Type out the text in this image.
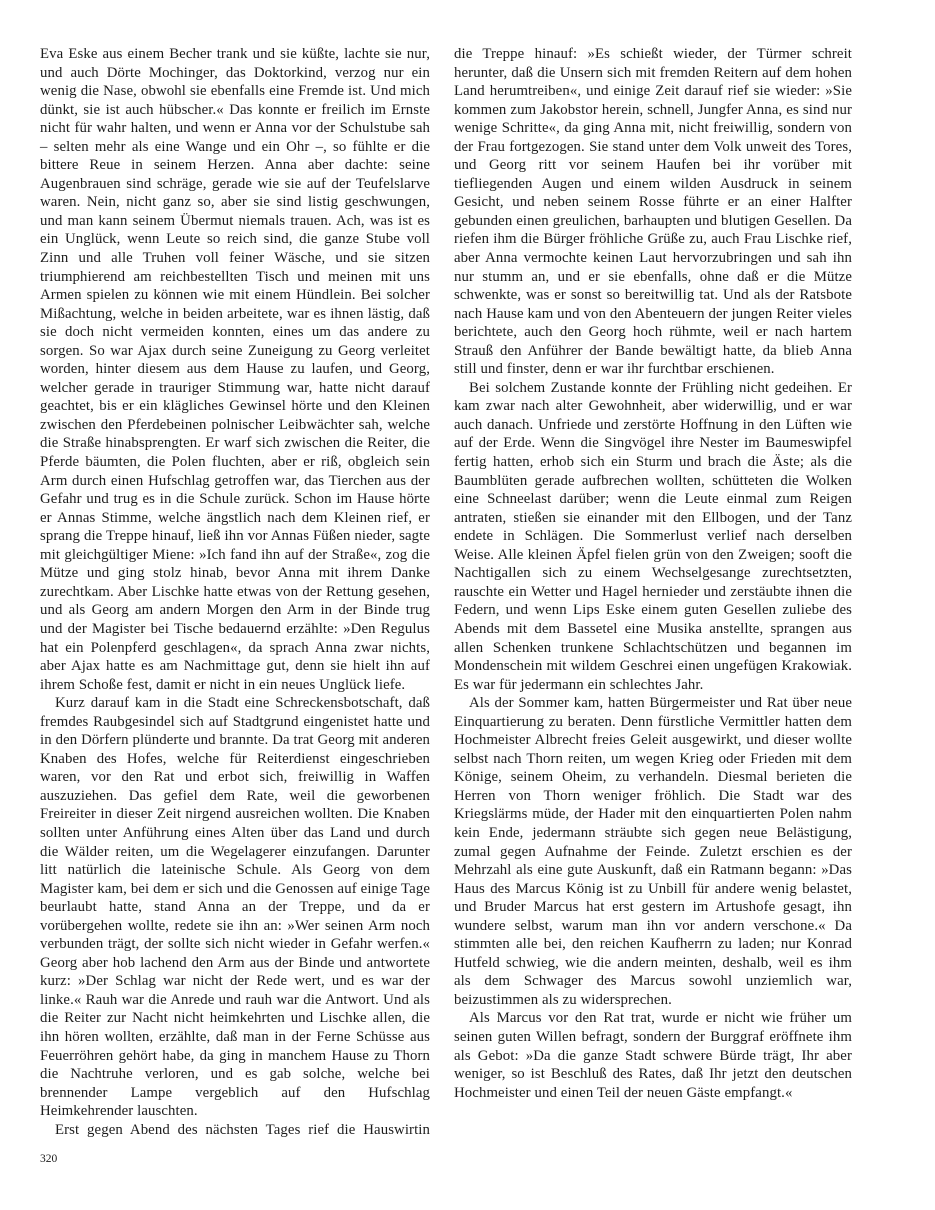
Eva Eske aus einem Becher trank und sie küßte, lachte sie nur, und auch Dörte Mochinger, das Doktorkind, verzog nur ein wenig die Nase, obwohl sie ebenfalls eine Fremde ist. Und mich dünkt, sie ist auch hübscher.« Das konnte er freilich im Ernste nicht für wahr halten, und wenn er Anna vor der Schulstube sah – selten mehr als eine Wange und ein Ohr –, so fühlte er die bittere Reue in seinem Herzen. Anna aber dachte: seine Augenbrauen sind schräge, gerade wie sie auf der Teufelslarve waren. Nein, nicht ganz so, aber sie sind listig geschwungen, und man kann seinem Übermut niemals trauen. Ach, was ist es ein Unglück, wenn Leute so reich sind, die ganze Stube voll Zinn und alle Truhen voll feiner Wäsche, und sie sitzen triumphierend am reichbestellten Tisch und meinen mit uns Armen spielen zu können wie mit einem Hündlein. Bei solcher Mißachtung, welche in beiden arbeitete, war es ihnen lästig, daß sie doch nicht vermeiden konnten, eines um das andere zu sorgen. So war Ajax durch seine Zuneigung zu Georg verleitet worden, hinter diesem aus dem Hause zu laufen, und Georg, welcher gerade in trauriger Stimmung war, hatte nicht darauf geachtet, bis er ein klägliches Gewinsel hörte und den Kleinen zwischen den Pferdebeinen polnischer Leibwächter sah, welche die Straße hinabsprengten. Er warf sich zwischen die Reiter, die Pferde bäumten, die Polen fluchten, aber er riß, obgleich sein Arm durch einen Hufschlag getroffen war, das Tierchen aus der Gefahr und trug es in die Schule zurück. Schon im Hause hörte er Annas Stimme, welche ängstlich nach dem Kleinen rief, er sprang die Treppe hinauf, ließ ihn vor Annas Füßen nieder, sagte mit gleichgültiger Miene: »Ich fand ihn auf der Straße«, zog die Mütze und ging stolz hinab, bevor Anna mit ihrem Danke zurechtkam. Aber Lischke hatte etwas von der Rettung gesehen, und als Georg am andern Morgen den Arm in der Binde trug und der Magister bei Tische bedauernd erzählte: »Den Regulus hat ein Polenpferd geschlagen«, da sprach Anna zwar nichts, aber Ajax hatte es am Nachmittage gut, denn sie hielt ihn auf ihrem Schoße fest, damit er nicht in ein neues Unglück liefe.

Kurz darauf kam in die Stadt eine Schreckensbotschaft, daß fremdes Raubgesindel sich auf Stadtgrund eingenistet hatte und in den Dörfern plünderte und brannte. Da trat Georg mit anderen Knaben des Hofes, welche für Reiterdienst eingeschrieben waren, vor den Rat und erbot sich, freiwillig in Waffen auszuziehen. Das gefiel dem Rate, weil die geworbenen Freireiter in dieser Zeit nirgend ausreichen wollten. Die Knaben sollten unter Anführung eines Alten über das Land und durch die Wälder reiten, um die Wegelagerer einzufangen. Darunter litt natürlich die lateinische Schule. Als Georg von dem Magister kam, bei dem er sich und die Genossen auf einige Tage beurlaubt hatte, stand Anna an der Treppe, und da er vorübergehen wollte, redete sie ihn an: »Wer seinen Arm noch verbunden trägt, der sollte sich nicht wieder in Gefahr werfen.« Georg aber hob lachend den Arm aus der Binde und antwortete kurz: »Der Schlag war nicht der Rede wert, und es war der linke.« Rauh war die Anrede und rauh war die Antwort. Und als die Reiter zur Nacht nicht heimkehrten und Lischke allen, die ihn hören wollten, erzählte, daß man in der Ferne Schüsse aus Feuerröhren gehört habe, da ging in manchem Hause zu Thorn die Nachtruhe verloren, und es gab solche, welche bei brennender Lampe vergeblich auf den Hufschlag Heimkehrender lauschten.

Erst gegen Abend des nächsten Tages rief die Hauswirtin

die Treppe hinauf: »Es schießt wieder, der Türmer schreit herunter, daß die Unsern sich mit fremden Reitern auf dem hohen Land herumtreiben«, und einige Zeit darauf rief sie wieder: »Sie kommen zum Jakobstor herein, schnell, Jungfer Anna, es sind nur wenige Schritte«, da ging Anna mit, nicht freiwillig, sondern von der Frau fortgezogen. Sie stand unter dem Volk unweit des Tores, und Georg ritt vor seinem Haufen bei ihr vorüber mit tiefliegenden Augen und einem wilden Ausdruck in seinem Gesicht, und neben seinem Rosse führte er an einer Halfter gebunden einen greulichen, barhaupten und blutigen Gesellen. Da riefen ihm die Bürger fröhliche Grüße zu, auch Frau Lischke rief, aber Anna vermochte keinen Laut hervorzubringen und sah ihn nur stumm an, und er sie ebenfalls, ohne daß er die Mütze schwenkte, was er sonst so bereitwillig tat. Und als der Ratsbote nach Hause kam und von den Abenteuern der jungen Reiter vieles berichtete, auch den Georg hoch rühmte, weil er nach hartem Strauß den Anführer der Bande bewältigt hatte, da blieb Anna still und finster, denn er war ihr furchtbar erschienen.

Bei solchem Zustande konnte der Frühling nicht gedeihen. Er kam zwar nach alter Gewohnheit, aber widerwillig, und er war auch danach. Unfriede und zerstörte Hoffnung in den Lüften wie auf der Erde. Wenn die Singvögel ihre Nester im Baumeswipfel fertig hatten, erhob sich ein Sturm und brach die Äste; als die Baumblüten gerade aufbrechen wollten, schütteten die Wolken eine Schneelast darüber; wenn die Leute einmal zum Reigen antraten, stießen sie einander mit den Ellbogen, und der Tanz endete in Schlägen. Die Sommerlust verlief nach derselben Weise. Alle kleinen Äpfel fielen grün von den Zweigen; sooft die Nachtigallen sich zu einem Wechselgesange zurechtsetzten, rauschte ein Wetter und Hagel hernieder und zerstäubte ihnen die Federn, und wenn Lips Eske einem guten Gesellen zuliebe des Abends mit dem Bassetel eine Musika anstellte, sprangen aus allen Schenken trunkene Schlachtschützen und begannen im Mondenschein mit wildem Geschrei einen ungefügen Krakowiak. Es war für jedermann ein schlechtes Jahr.

Als der Sommer kam, hatten Bürgermeister und Rat über neue Einquartierung zu beraten. Denn fürstliche Vermittler hatten dem Hochmeister Albrecht freies Geleit ausgewirkt, und dieser wollte selbst nach Thorn reiten, um wegen Krieg oder Frieden mit dem Könige, seinem Oheim, zu verhandeln. Diesmal berieten die Herren von Thorn weniger fröhlich. Die Stadt war des Kriegslärms müde, der Hader mit den einquartierten Polen nahm kein Ende, jedermann sträubte sich gegen neue Belästigung, zumal gegen Aufnahme der Feinde. Zuletzt erschien es der Mehrzahl als eine gute Auskunft, daß ein Ratmann begann: »Das Haus des Marcus König ist zu Unbill für andere wenig belastet, und Bruder Marcus hat erst gestern im Artushofe gesagt, ihn wundere selbst, warum man ihn vor andern verschone.« Da stimmten alle bei, den reichen Kaufherrn zu laden; nur Konrad Hutfeld schwieg, wie die andern meinten, deshalb, weil es ihm als dem Schwager des Marcus sowohl unziemlich war, beizustimmen als zu widersprechen.

Als Marcus vor den Rat trat, wurde er nicht wie früher um seinen guten Willen befragt, sondern der Burggraf eröffnete ihm als Gebot: »Da die ganze Stadt schwere Bürde trägt, Ihr aber weniger, so ist Beschluß des Rates, daß Ihr jetzt den deutschen Hochmeister und einen Teil der neuen Gäste empfangt.«

320
